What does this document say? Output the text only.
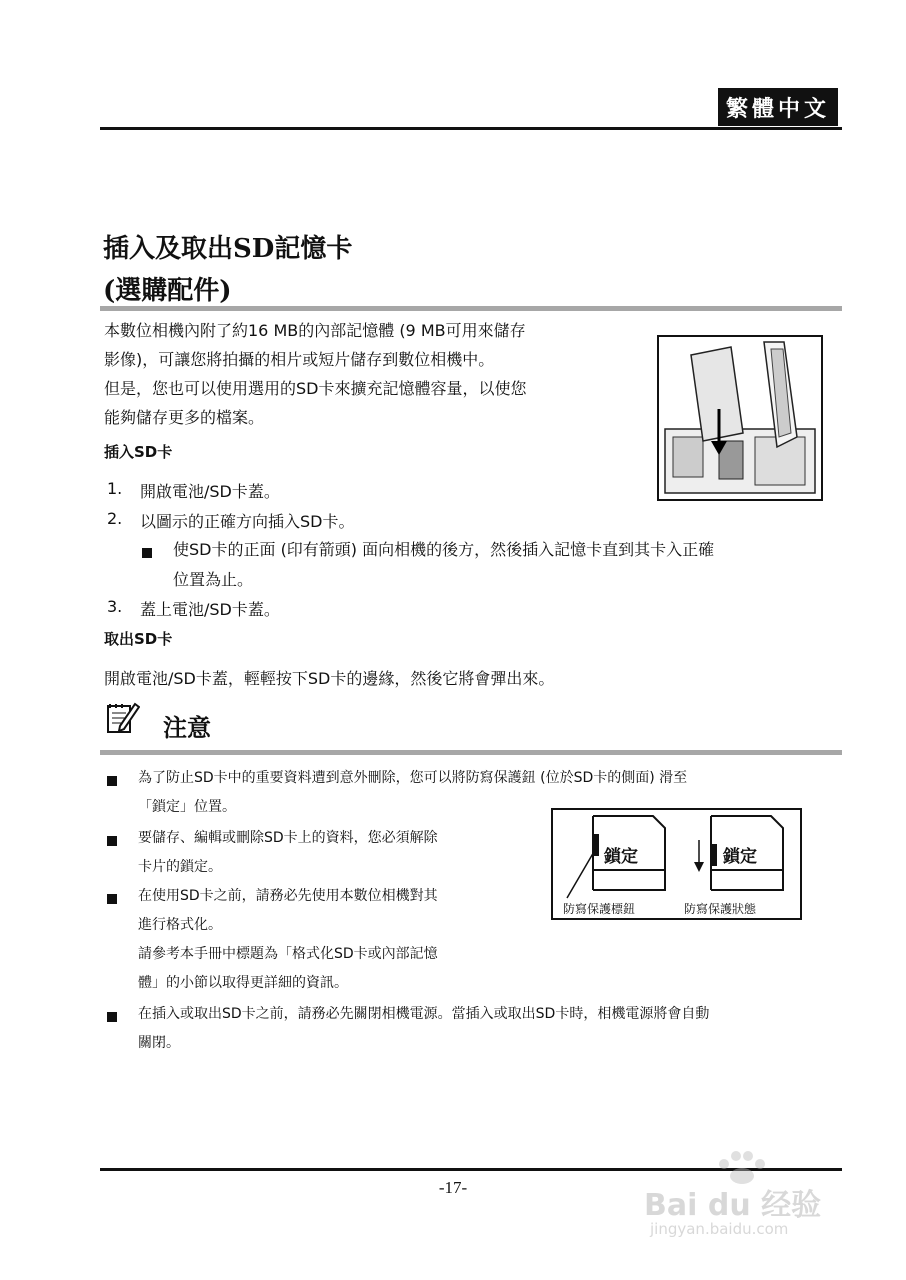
繁體中文
插入及取出SD記憶卡
(選購配件)
本數位相機內附了約16 MB的內部記憶體 (9 MB可用來儲存
影像)，可讓您將拍攝的相片或短片儲存到數位相機中。
但是，您也可以使用選用的SD卡來擴充記憶體容量，以使您
能夠儲存更多的檔案。
插入SD卡
1. 開啟電池/SD卡蓋。
2. 以圖示的正確方向插入SD卡。
使SD卡的正面 (印有箭頭) 面向相機的後方，然後插入記憶卡直到其卡入正確
位置為止。
3. 蓋上電池/SD卡蓋。
取出SD卡
開啟電池/SD卡蓋，輕輕按下SD卡的邊緣，然後它將會彈出來。
注意
為了防止SD卡中的重要資料遭到意外刪除，您可以將防寫保護鈕 (位於SD卡的側面) 滑至
「鎖定」位置。
要儲存、編輯或刪除SD卡上的資料，您必須解除
卡片的鎖定。
在使用SD卡之前，請務必先使用本數位相機對其
進行格式化。
請參考本手冊中標題為「格式化SD卡或內部記憶
體」的小節以取得更詳細的資訊。
在插入或取出SD卡之前，請務必先關閉相機電源。當插入或取出SD卡時，相機電源將會自動
關閉。
鎖定	鎖定
防寫保護標鈕	防寫保護狀態
-17-
Bai du 经验
jingyan.baidu.com
